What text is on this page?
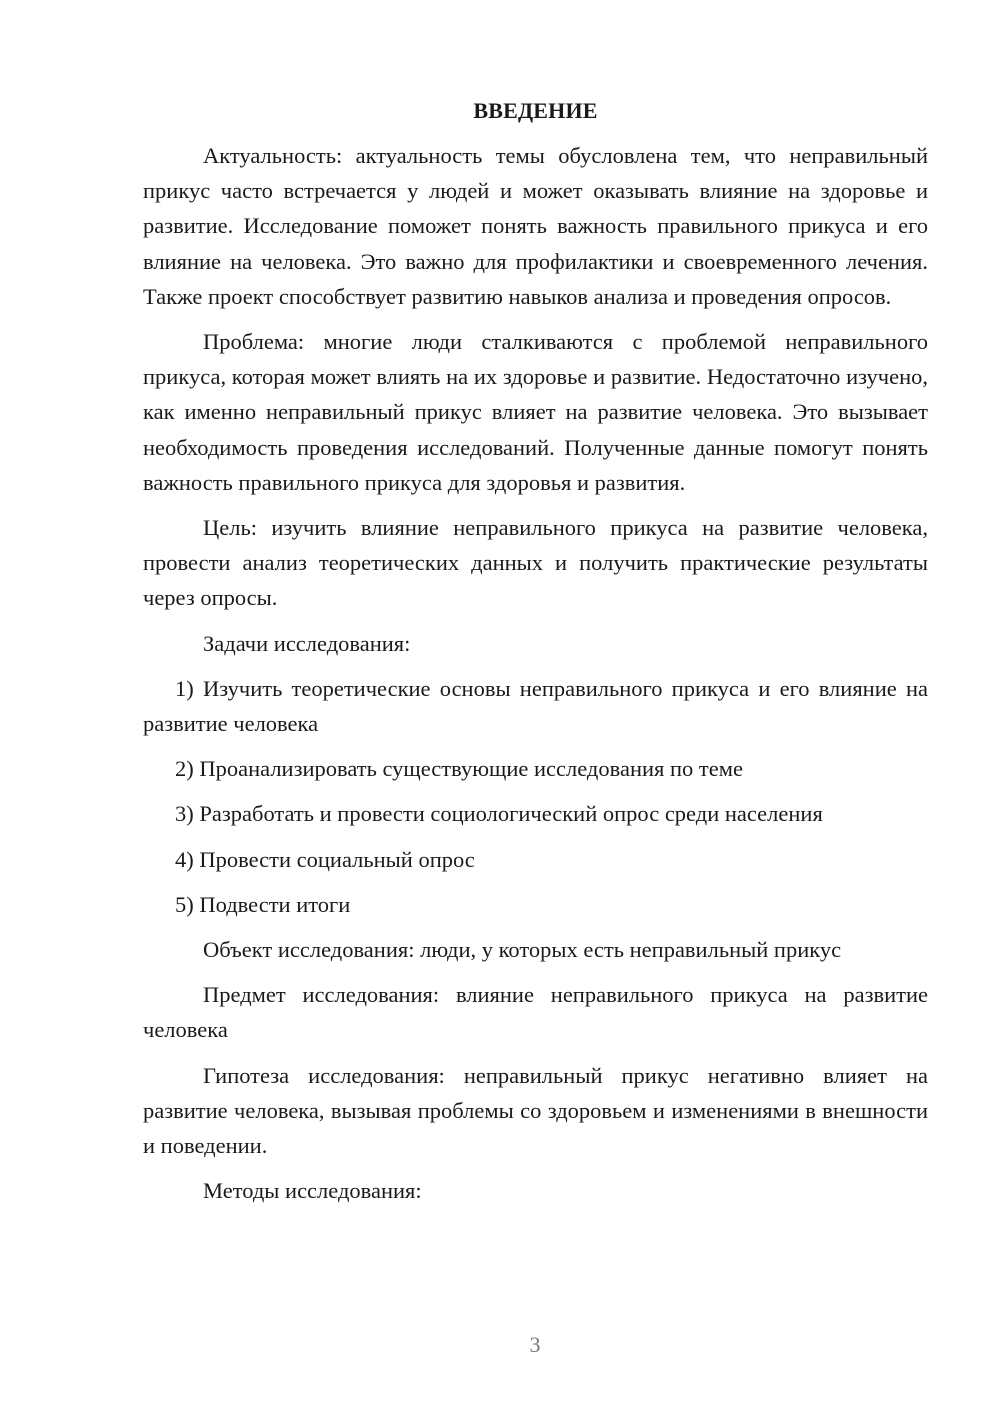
ВВЕДЕНИЕ

Актуальность: актуальность темы обусловлена тем, что неправильный прикус часто встречается у людей и может оказывать влияние на здоровье и развитие. Исследование поможет понять важность правильного прикуса и его влияние на человека. Это важно для профилактики и своевременного лечения. Также проект способствует развитию навыков анализа и проведения опросов.

Проблема: многие люди сталкиваются с проблемой неправильного прикуса, которая может влиять на их здоровье и развитие. Недостаточно изучено, как именно неправильный прикус влияет на развитие человека. Это вызывает необходимость проведения исследований. Полученные данные помогут понять важность правильного прикуса для здоровья и развития.

Цель: изучить влияние неправильного прикуса на развитие человека, провести анализ теоретических данных и получить практические результаты через опросы.

Задачи исследования:

1) Изучить теоретические основы неправильного прикуса и его влияние на развитие человека

2) Проанализировать существующие исследования по теме

3) Разработать и провести социологический опрос среди населения

4) Провести социальный опрос

5) Подвести итоги

Объект исследования: люди, у которых есть неправильный прикус

Предмет исследования: влияние неправильного прикуса на развитие человека

Гипотеза исследования: неправильный прикус негативно влияет на развитие человека, вызывая проблемы со здоровьем и изменениями в внешности и поведении.

Методы исследования:

3
